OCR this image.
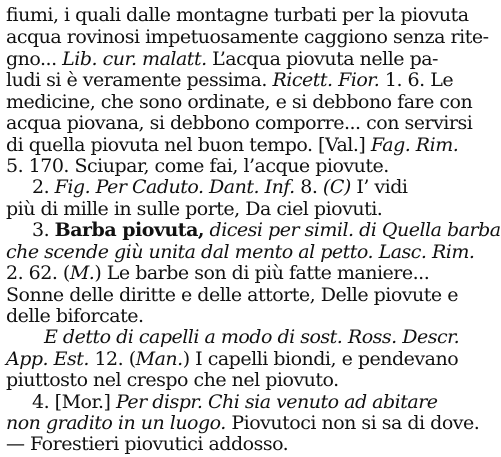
fiumi, i quali dalle montagne turbati per la piovuta
acqua rovinosi impetuosamente caggiono senza rite-
gno... Lib. cur. malatt. L’acqua piovuta nelle pa-
ludi si è veramente pessima. Ricett. Fior. 1. 6. Le
medicine, che sono ordinate, e si debbono fare con
acqua piovana, si debbono comporre... con servirsi
di quella piovuta nel buon tempo. [Val.] Fag. Rim.
5. 170. Sciupar, come fai, l’acque piovute.
2. Fig. Per Caduto. Dant. Inf. 8. (C) I’ vidi
più di mille in sulle porte, Da ciel piovuti.
3. Barba piovuta, dicesi per simil. di Quella barba
che scende giù unita dal mento al petto. Lasc. Rim.
2. 62. (M.) Le barbe son di più fatte maniere...
Sonne delle diritte e delle attorte, Delle piovute e
delle biforcate.
E detto di capelli a modo di sost. Ross. Descr.
App. Est. 12. (Man.) I capelli biondi, e pendevano
piuttosto nel crespo che nel piovuto.
4. [Mor.] Per dispr. Chi sia venuto ad abitare
non gradito in un luogo. Piovutoci non si sa di dove.
— Forestieri piovutici addosso.
